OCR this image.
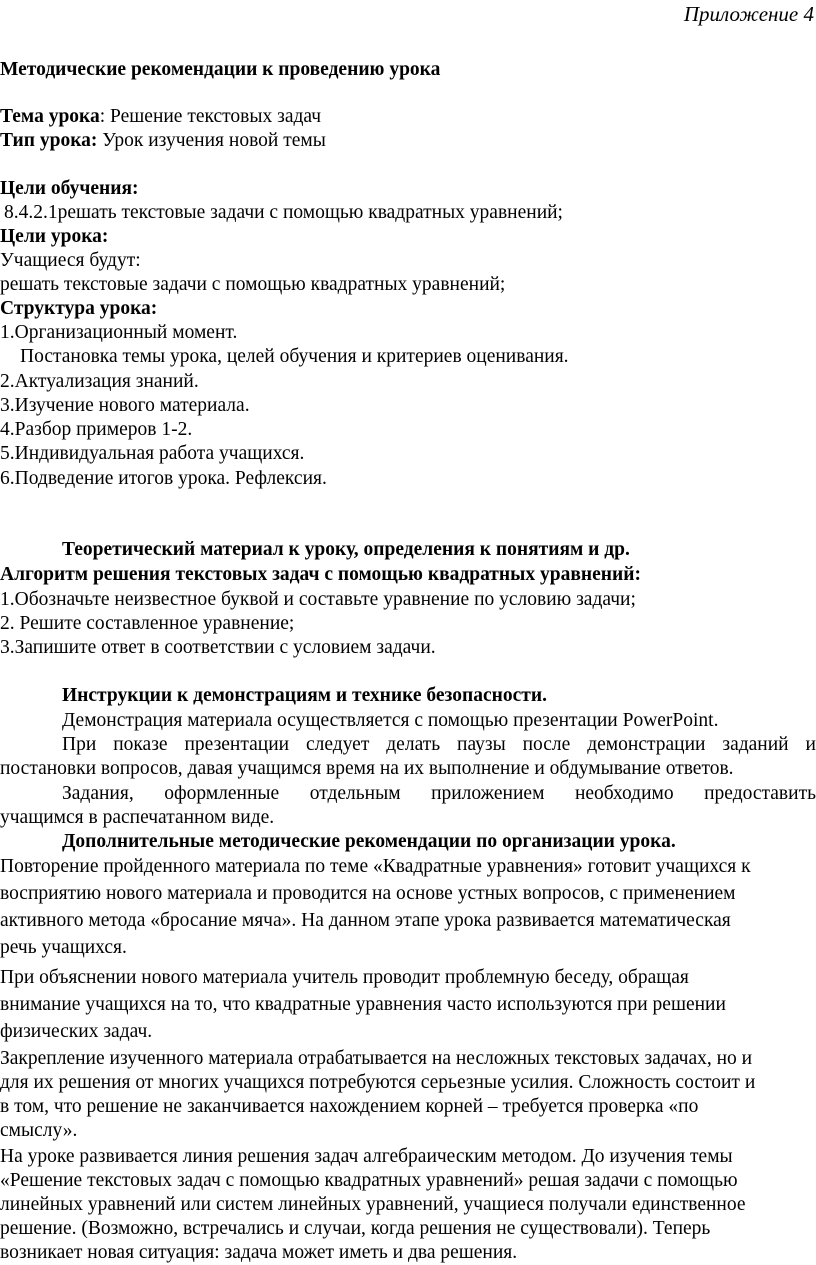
Приложение 4
Методические рекомендации к проведению урока
Тема урока: Решение текстовых задач
Тип урока: Урок изучения новой темы
Цели обучения:
8.4.2.1решать текстовые задачи с помощью квадратных уравнений;
Цели урока:
Учащиеся будут:
решать текстовые задачи с помощью квадратных уравнений;
Структура урока:
1.Организационный момент.
Постановка темы урока, целей обучения и критериев оценивания.
2.Актуализация знаний.
3.Изучение нового материала.
4.Разбор примеров 1-2.
5.Индивидуальная работа учащихся.
6.Подведение итогов урока. Рефлексия.
Теоретический материал к уроку, определения к понятиям и др.
Алгоритм решения текстовых задач с помощью квадратных уравнений:
1.Обозначьте неизвестное буквой и составьте уравнение по условию задачи;
2. Решите составленное уравнение;
3.Запишите ответ в соответствии с условием задачи.
Инструкции к демонстрациям и технике безопасности.
Демонстрация материала осуществляется с помощью презентации PowerPoint.
При показе презентации следует делать паузы после демонстрации заданий и
постановки вопросов, давая учащимся время на их выполнение и обдумывание ответов.
Задания, оформленные отдельным приложением необходимо предоставить
учащимся в распечатанном виде.
Дополнительные методические рекомендации по организации урока.
Повторение пройденного материала по теме «Квадратные уравнения» готовит учащихся к
восприятию нового материала и проводится на основе устных вопросов, с применением
активного метода «бросание мяча». На данном этапе урока развивается математическая
речь учащихся.
При объяснении нового материала учитель проводит проблемную беседу, обращая
внимание учащихся на то, что квадратные уравнения часто используются при решении
физических задач.
Закрепление изученного материала отрабатывается на несложных текстовых задачах, но и
для их решения от многих учащихся потребуются серьезные усилия. Сложность состоит и
в том, что решение не заканчивается нахождением корней – требуется проверка «по
смыслу».
На уроке развивается линия решения задач алгебраическим методом. До изучения темы
«Решение текстовых задач с помощью квадратных уравнений» решая задачи с помощью
линейных уравнений или систем линейных уравнений, учащиеся получали единственное
решение. (Возможно, встречались и случаи, когда решения не существовали). Теперь
возникает новая ситуация: задача может иметь и два решения.
